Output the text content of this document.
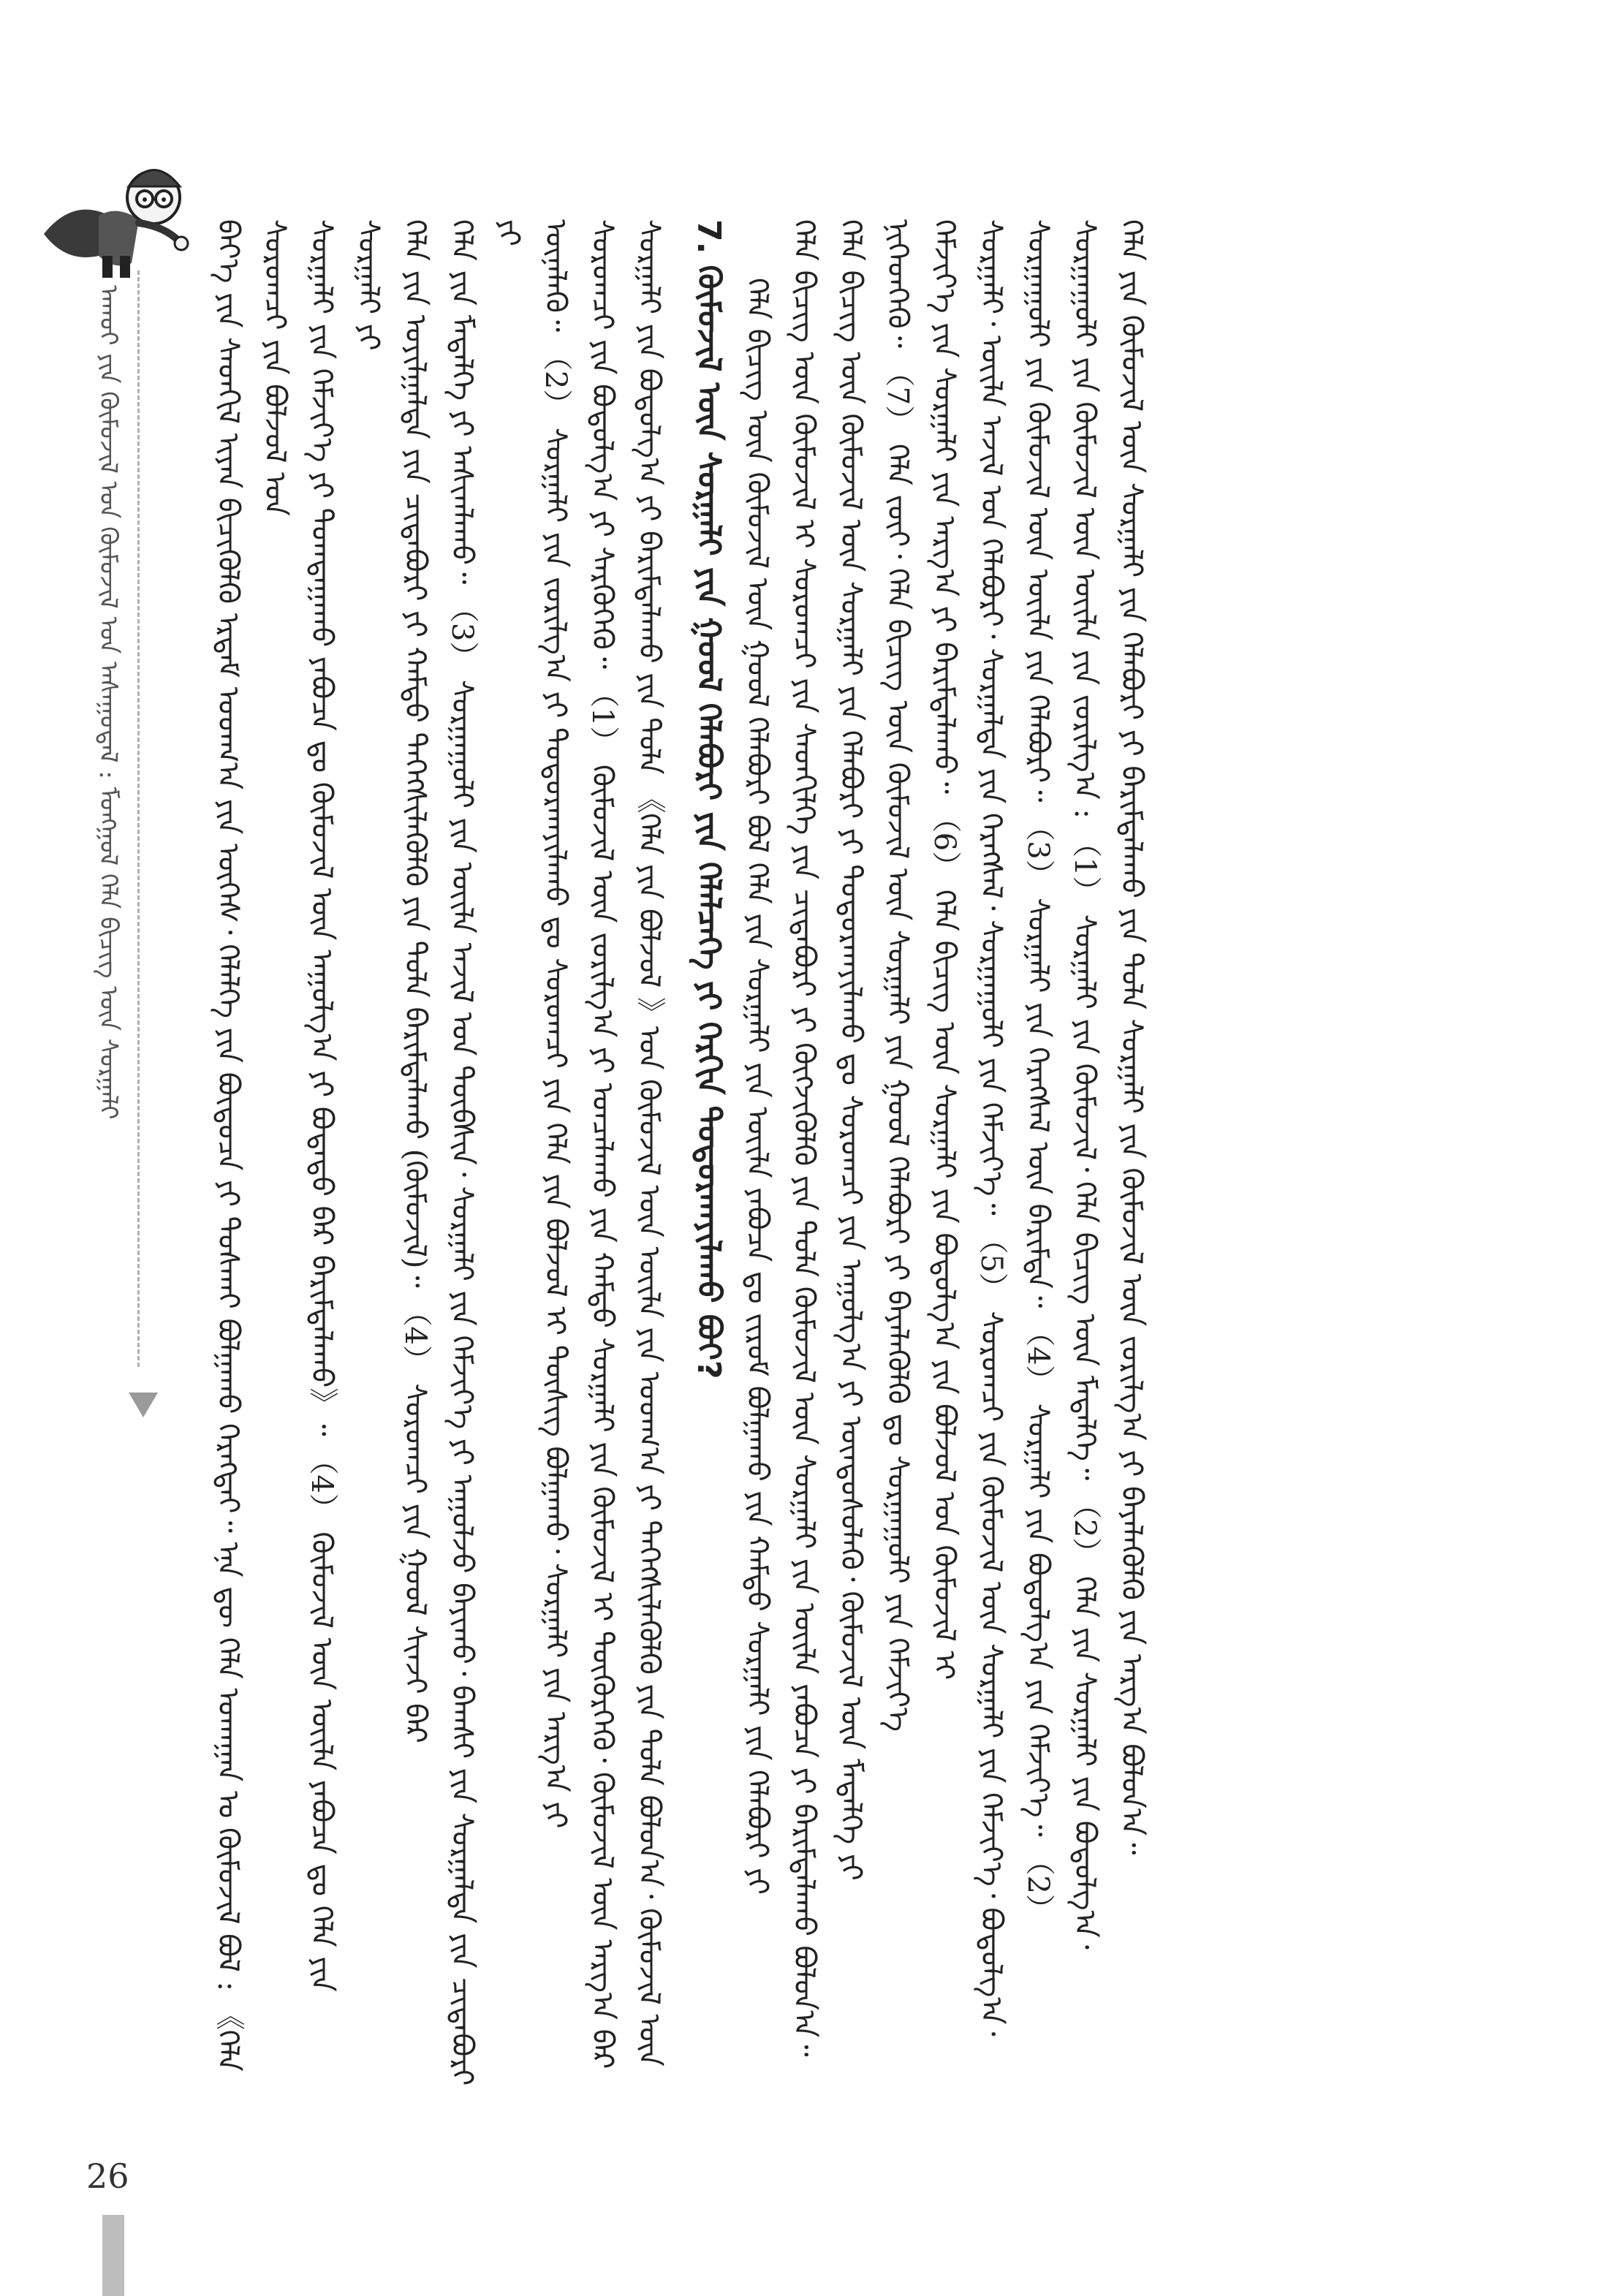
ᠠᠬᠤᠢ ᠶᠢᠨ ᠬᠦᠮᠦᠵᠢᠯ ᠤᠨ ᠬᠦᠮᠦᠵᠢᠯ ᠤᠨ ᠠᠰᠠᠭᠤᠳᠠᠯ : ᠮᠣᠩᠭᠣᠯ ᠬᠡᠯᠡ ᠪᠢᠴᠢᠭ ᠦᠨ ᠰᠤᠷᠭᠠᠯᠢ	ᠪᠡᠶ᠎ᠡ ᠶᠢᠨ ᠰᠡᠳᠬᠢᠯ ᠢᠶᠡᠨ ᠪᠢᠴᠢᠭᠦᠯᠬᠦ ᠡᠷᠳᠡᠮ ᠤᠳᠬ᠎ᠠ ᠶᠢᠨ ᠦᠭᠡᠰ᠂ ᠬᠡᠯᠡᠯᠭᠡ ᠶᠢᠨ ᠪᠦᠲᠦᠴᠡ ᠶᠢ ᠲᠤᠰᠬᠠᠢ ᠪᠣᠯᠭᠠᠬᠤ ᠬᠡᠷᠡᠭᠲᠡᠢ᠃ ᠡᠨᠡ ᠳᠦ ᠬᠡᠯᠡ ᠤᠬᠠᠭᠠᠨ ᠤ ᠬᠦᠮᠦᠵᠢᠯ ᠪᠣᠯ : 《ᠬᠡᠯᠡ ᠰᠤᠷᠤᠭᠴᠢ ᠶᠢᠨ ᠪᠣᠯᠵᠣᠯ ᠤᠨ ᠰᠤᠷᠭᠠᠯᠢ ᠶᠢᠨ ᠬᠡᠮᠵᠢᠶ᠎ᠡ ᠶᠢ ᠲᠣᠭᠲᠠᠭᠠᠬᠤ ᠶᠠᠪᠤᠴᠠ ᠳᠤ ᠬᠦᠮᠦᠵᠢᠯ ᠦᠨ ᠠᠭᠤᠯᠭ᠎ᠠ ᠶᠢ ᠪᠣᠳᠠᠲᠤ ᠪᠡᠷ ᠪᠠᠷᠢᠮᠲᠠᠯᠠᠬᠤ》᠃ （4） ᠬᠦᠮᠦᠵᠢᠯ ᠦᠨ ᠦᠢᠯᠡ ᠶᠠᠪᠤᠴᠠ ᠳᠤ ᠬᠡᠯᠡ ᠶᠢᠨ ᠰᠤᠷᠭᠠᠯᠢ ᠶᠢ ᠬᠡᠯᠡ ᠶᠢᠨ ᠣᠶᠢᠯᠭᠠᠯᠲᠠ ᠶᠢᠨ ᠴᠢᠳᠠᠪᠤᠷᠢ ᠶᠢ ᠬᠠᠮᠲᠤ ᠳᠡᠭᠡᠭᠰᠢᠯᠡᠭᠦᠯᠬᠦ ᠶᠢᠨ ᠲᠤᠯᠠ ᠪᠠᠷᠢᠮᠲᠠᠯᠠᠬᠤ (ᠬᠦᠮᠦᠵᠢᠯ)᠃ （4） ᠰᠤᠷᠤᠭᠴᠢ ᠶᠢᠨ ᠭᠣᠣᠯ ᠰᠢᠨᠵᠢ ᠪᠠᠷ ᠬᠡᠯᠡ ᠶᠢᠨ ᠮᠡᠳᠡᠯᠭᠡ ᠶᠢ ᠠᠰᠢᠭᠯᠠᠬᠤ᠃ （3） ᠰᠤᠷᠭᠠᠭᠤᠯᠢ ᠶᠢᠨ ᠦᠢᠯᠡ ᠠᠵᠢᠯ ᠤᠨ ᠲᠦᠪᠰᠢᠨ᠂ ᠰᠤᠷᠭᠠᠯᠢ ᠶᠢᠨ ᠬᠡᠮᠵᠢᠶ᠎ᠡ ᠶᠢ ᠠᠭᠤᠯᠵᠤ ᠪᠠᠶᠢᠬᠤ᠂ ᠪᠠᠭᠰᠢ ᠶᠢᠨ ᠰᠤᠷᠭᠠᠯᠲᠠ ᠶᠢᠨ ᠴᠢᠳᠠᠪᠤᠷᠢ ᠶᠢ ᠦᠨᠡᠯᠡᠬᠦ᠃ （2） ᠰᠤᠷᠭᠠᠯᠢ ᠶᠢᠨ ᠵᠣᠷᠢᠯᠭ᠎ᠠ ᠶᠢ ᠲᠣᠳᠣᠷᠬᠠᠶᠢᠯᠠᠬᠤ ᠳᠤ ᠰᠤᠷᠤᠭᠴᠢ ᠶᠢᠨ ᠬᠡᠯᠡ ᠶᠢᠨ ᠪᠣᠯᠵᠣᠯ ᠢ ᠲᠦᠰᠢᠭ ᠪᠣᠯᠭᠠᠬᠤ᠂ ᠰᠤᠷᠭᠠᠯᠢ ᠶᠢᠨ ᠠᠷᠭ᠎ᠠ ᠶᠢ ᠰᠤᠷᠤᠭᠴᠢ ᠶᠢᠨ ᠪᠣᠳᠤᠯᠭ᠎ᠠ ᠶᠢ ᠰᠡᠷᠭᠦᠭᠡᠬᠦ᠃ （1） ᠬᠦᠮᠦᠵᠢᠯ ᠦᠨ ᠵᠣᠷᠢᠯᠭ᠎ᠠ ᠶᠢ ᠣᠨᠴᠠᠯᠠᠬᠤ ᠶᠢᠨ ᠬᠠᠮᠲᠤ ᠰᠤᠷᠭᠠᠯᠢ ᠶᠢᠨ ᠬᠦᠮᠦᠵᠢᠯ ᠢ ᠳᠦᠭᠦᠷᠭᠡᠬᠦ᠂ ᠬᠦᠮᠦᠵᠢᠯ ᠦᠨ ᠠᠷᠭ᠎ᠠ ᠪᠠᠷ ᠰᠤᠷᠭᠠᠯᠢ ᠶᠢᠨ ᠪᠣᠳᠤᠯᠭ᠎ᠠ ᠶᠢ ᠪᠠᠷᠢᠮᠲᠠᠯᠠᠬᠤ ᠶᠢᠨ ᠲᠤᠯᠠ 《ᠬᠡᠯᠡ ᠶᠢᠨ ᠪᠣᠯᠵᠣᠯ 》ᠤᠨ ᠬᠦᠮᠦᠵᠢᠯ ᠦᠨ ᠦᠢᠯᠡ ᠶᠢᠨ ᠤᠳᠬ᠎ᠠ ᠶᠢ ᠳᠡᠭᠡᠭᠰᠢᠯᠡᠭᠦᠯᠬᠦ ᠶᠢᠨ ᠲᠤᠯᠠ ᠪᠣᠯᠤᠨ᠎ᠠ᠂ ᠬᠦᠮᠦᠵᠢᠯ ᠦᠨ 7. ᠬᠦᠮᠦᠵᠢᠯ ᠦᠨ ᠰᠤᠷᠭᠠᠯᠢ ᠶᠢᠨ ᠭᠣᠣᠯ ᠬᠡᠯᠡᠪᠦᠷᠢ ᠶᠢᠨ ᠬᠡᠯᠡᠯᠴᠡᠭᠡ ᠶᠢ ᠬᠡᠷᠬᠢᠨ ᠲᠣᠳᠣᠷᠬᠠᠶᠢᠯᠠᠬᠤ ᠪᠤᠢ? ᠬᠡᠯᠡ ᠪᠢᠴᠢᠭ ᠦᠨ ᠬᠦᠮᠦᠵᠢᠯ ᠦᠨ ᠭᠣᠣᠯ ᠬᠡᠯᠡᠪᠦᠷᠢ ᠪᠣᠯ ᠬᠡᠯᠡ ᠶᠢᠨ ᠰᠤᠷᠭᠠᠯᠢ ᠶᠢᠨ ᠦᠢᠯᠡ ᠶᠠᠪᠤᠴᠠ ᠳᠤ ᠵᠢᠷᠤᠮ ᠪᠣᠯᠭᠠᠬᠤ ᠶᠢᠨ ᠬᠠᠮᠲᠤ ᠰᠤᠷᠭᠠᠯᠢ ᠶᠢᠨ ᠬᠡᠯᠡᠪᠦᠷᠢ ᠶᠢ ᠬᠡᠯᠡ ᠪᠢᠴᠢᠭ ᠦᠨ ᠬᠦᠮᠦᠵᠢᠯ ᠢ ᠰᠤᠷᠤᠭᠴᠢ ᠶᠢᠨ ᠰᠡᠳᠬᠢᠯᠭᠡ ᠶᠢᠨ ᠴᠢᠳᠠᠪᠤᠷᠢ ᠶᠢ ᠬᠥᠭᠵᠢᠭᠦᠯᠬᠦ ᠶᠢᠨ ᠲᠤᠯᠠ ᠬᠦᠮᠦᠵᠢᠯ ᠦᠨ ᠰᠤᠷᠭᠠᠯᠢ ᠶᠢᠨ ᠦᠢᠯᠡ ᠶᠠᠪᠤᠴᠠ ᠶᠢ ᠪᠠᠷᠢᠮᠲᠠᠯᠠᠬᠤ ᠪᠣᠯᠤᠨ᠎ᠠ᠃ ᠬᠡᠯᠡ ᠪᠢᠴᠢᠭ ᠦᠨ ᠬᠦᠮᠦᠵᠢᠯ ᠦᠨ ᠰᠤᠷᠭᠠᠯᠢ ᠶᠢᠨ ᠬᠡᠯᠡᠪᠦᠷᠢ ᠶᠢ ᠲᠣᠳᠣᠷᠬᠠᠶᠢᠯᠠᠬᠤ ᠳᠤ ᠰᠤᠷᠤᠭᠴᠢ ᠶᠢᠨ ᠠᠭᠤᠯᠭ᠎ᠠ ᠶᠢ ᠦᠨᠳᠦᠰᠦᠯᠡᠬᠦ᠂ ᠬᠦᠮᠦᠵᠢᠯ ᠦᠨ ᠮᠡᠳᠡᠯᠭᠡ ᠶᠢ ᠨᠢᠭᠡᠳᠭᠡᠬᠦ᠃ （7） ᠬᠡᠯᠡ ᠵᠦᠢ᠂ ᠬᠡᠯᠡ ᠪᠢᠴᠢᠭ ᠦᠨ ᠬᠦᠮᠦᠵᠢᠯ ᠦᠨ ᠰᠤᠷᠭᠠᠯᠢ ᠶᠢᠨ ᠭᠣᠣᠯ ᠬᠡᠯᠡᠪᠦᠷᠢ ᠶᠢ ᠪᠡᠶᠡᠯᠡᠭᠦᠯᠬᠦ ᠳᠤ ᠰᠤᠷᠭᠠᠭᠤᠯᠢ ᠶᠢᠨ ᠬᠡᠮᠵᠢᠶ᠎ᠡ ᠬᠡᠮᠵᠢᠶ᠎ᠡ ᠶᠢᠨ ᠰᠤᠷᠭᠠᠯᠢ ᠶᠢᠨ ᠠᠷᠭ᠎ᠠ ᠶᠢ ᠪᠠᠷᠢᠮᠲᠠᠯᠠᠬᠤ᠃ （6） ᠬᠡᠯᠡ ᠪᠢᠴᠢᠭ ᠦᠨ ᠰᠤᠷᠭᠠᠯᠢ ᠶᠢᠨ ᠪᠣᠳᠤᠯᠭ᠎ᠠ ᠶᠢᠨ ᠪᠣᠯᠵᠣᠯ ᠤᠨ ᠬᠦᠮᠦᠵᠢᠯ ᠢ ᠰᠤᠷᠭᠠᠯᠢ᠂ ᠦᠢᠯᠡ ᠠᠵᠢᠯ ᠤᠨ ᠬᠡᠯᠡᠪᠦᠷᠢ᠂ ᠰᠤᠷᠭᠠᠯᠲᠠ ᠶᠢᠨ ᠬᠡᠷᠡᠭᠰᠡᠯ᠂ ᠰᠤᠷᠭᠠᠭᠤᠯᠢ ᠶᠢᠨ ᠬᠡᠮᠵᠢᠶ᠎ᠡ᠃ （5） ᠰᠤᠷᠤᠭᠴᠢ ᠶᠢᠨ ᠬᠦᠮᠦᠵᠢᠯ ᠦᠨ ᠰᠤᠷᠭᠠᠯᠢ ᠶᠢᠨ ᠬᠡᠮᠵᠢᠶ᠎ᠡ᠂ ᠪᠣᠳᠤᠯᠭ᠎ᠠ᠂ ᠰᠤᠷᠭᠠᠭᠤᠯᠢ ᠶᠢᠨ ᠬᠦᠮᠦᠵᠢᠯ ᠦᠨ ᠦᠢᠯᠡ ᠶᠢᠨ ᠬᠡᠯᠡᠪᠦᠷᠢ᠃ （3） ᠰᠤᠷᠭᠠᠯᠢ ᠶᠢᠨ ᠬᠡᠷᠡᠭᠰᠡᠯ ᠦᠨ ᠪᠠᠷᠢᠮᠲᠠ᠃ （4） ᠰᠤᠷᠭᠠᠯᠢ ᠶᠢᠨ ᠪᠣᠳᠤᠯᠭ᠎ᠠ ᠶᠢᠨ ᠬᠡᠮᠵᠢᠶ᠎ᠡ᠃ （2） ᠰᠤᠷᠭᠠᠭᠤᠯᠢ ᠶᠢᠨ ᠬᠦᠮᠦᠵᠢᠯ ᠦᠨ ᠦᠢᠯᠡ ᠶᠢᠨ ᠵᠣᠷᠢᠯᠭ᠎ᠠ : （1） ᠰᠤᠷᠭᠠᠯᠢ ᠶᠢᠨ ᠬᠦᠮᠦᠵᠢᠯ᠂ ᠬᠡᠯᠡ ᠪᠢᠴᠢᠭ ᠦᠨ ᠮᠡᠳᠡᠯᠭᠡ᠃ （2） ᠬᠡᠯᠡ ᠶᠢᠨ ᠰᠤᠷᠭᠠᠯᠢ ᠶᠢᠨ ᠪᠣᠳᠤᠯᠭ᠎ᠠ᠂ ᠬᠡᠯᠡ ᠶᠢᠨ ᠬᠦᠮᠦᠵᠢᠯ ᠦᠨ ᠰᠤᠷᠭᠠᠯᠢ ᠶᠢᠨ ᠬᠡᠯᠡᠪᠦᠷᠢ ᠶᠢ ᠪᠠᠷᠢᠮᠲᠠᠯᠠᠬᠤ ᠶᠢᠨ ᠲᠤᠯᠠ ᠰᠤᠷᠭᠠᠯᠢ ᠶᠢᠨ ᠬᠦᠮᠦᠵᠢᠯ ᠦᠨ ᠵᠣᠷᠢᠯᠭ᠎ᠠ ᠶᠢ ᠪᠡᠶᠡᠯᠡᠭᠦᠯᠬᠦ ᠶᠢᠨ ᠠᠷᠭ᠎ᠠ ᠪᠣᠯᠤᠨ᠎ᠠ᠃

26
